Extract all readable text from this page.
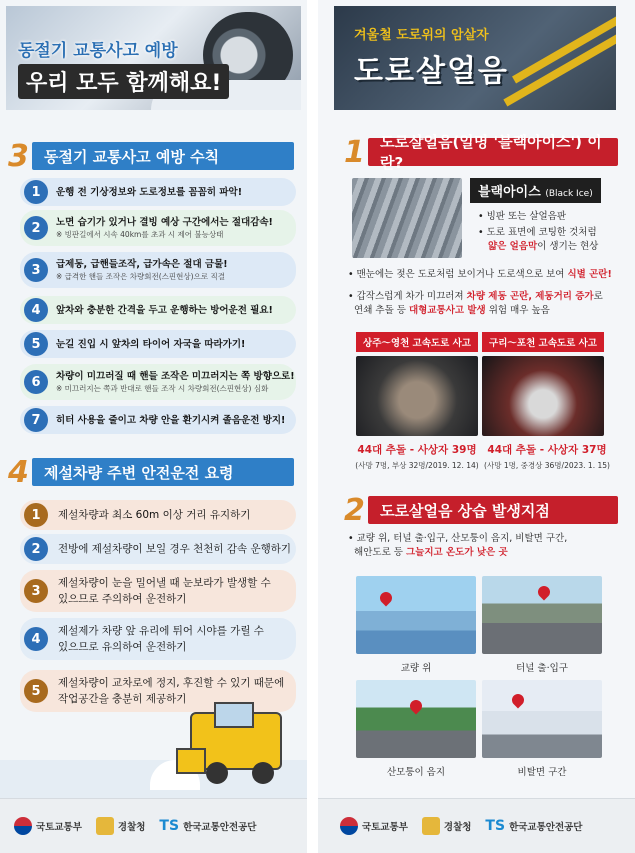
동절기 교통사고 예방
우리 모두 함께해요!
3	동절기 교통사고 예방 수칙
1	운행 전 기상정보와 도로정보를 꼼꼼히 파악!
2	노면 습기가 있거나 결빙 예상 구간에서는 절대감속!
※ 빙판길에서 시속 40km를 초과 시 제어 불능상태
3	급제동, 급핸들조작, 급가속은 절대 금물!
※ 급격한 핸들 조작은 차량회전(스핀현상)으로 직결
4	앞차와 충분한 간격을 두고 운행하는 방어운전 필요!
5	눈길 진입 시 앞차의 타이어 자국을 따라가기!
6	차량이 미끄러질 때 핸들 조작은 미끄러지는 쪽 방향으로!
※ 미끄러지는 쪽과 반대로 핸들 조작 시 차량회전(스핀현상) 심화
7	히터 사용을 줄이고 차량 안을 환기시켜 졸음운전 방지!
4	제설차량 주변 안전운전 요령
1	제설차량과 최소 60m 이상 거리 유지하기
2	전방에 제설차량이 보일 경우 천천히 감속 운행하기
3
제설차량이 눈을 밀어낼 때 눈보라가 발생할 수
있으므로 주의하여 운전하기
4
제설제가 차량 앞 유리에 튀어 시야를 가릴 수
있으므로 유의하여 운전하기
5
제설차량이 교차로에 정지, 후진할 수 있기 때문에
작업공간을 충분히 제공하기
국토교통부	경찰청 TS 한국교통안전공단
겨울철 도로위의 암살자
도로살얼음
1	도로살얼음(일명 '블랙아이스') 이란?
블랙아이스 (Black Ice)
• 빙판 또는 살얼음판
• 도로 표면에 코팅한 것처럼
얇은 얼음막이 생기는 현상
• 맨눈에는 젖은 도로처럼 보이거나 도로색으로 보여 식별 곤란!
• 갑작스럽게 차가 미끄러져 차량 제동 곤란, 제동거리 증가로
연쇄 추돌 등 대형교통사고 발생 위험 매우 높음
상주～영천 고속도로 사고	구리～포천 고속도로 사고
44대 추돌 - 사상자 39명	44대 추돌 - 사상자 37명
(사망 7명, 부상 32명/2019. 12. 14) (사망 1명, 중경상 36명/2023. 1. 15)
2	도로살얼음 상습 발생지점
• 교량 위, 터널 출·입구, 산모퉁이 음지, 비탈면 구간,
해안도로 등 그늘지고 온도가 낮은 곳
교량 위	터널 출·입구
산모퉁이 음지	비탈면 구간
국토교통부	경찰청 TS 한국교통안전공단
